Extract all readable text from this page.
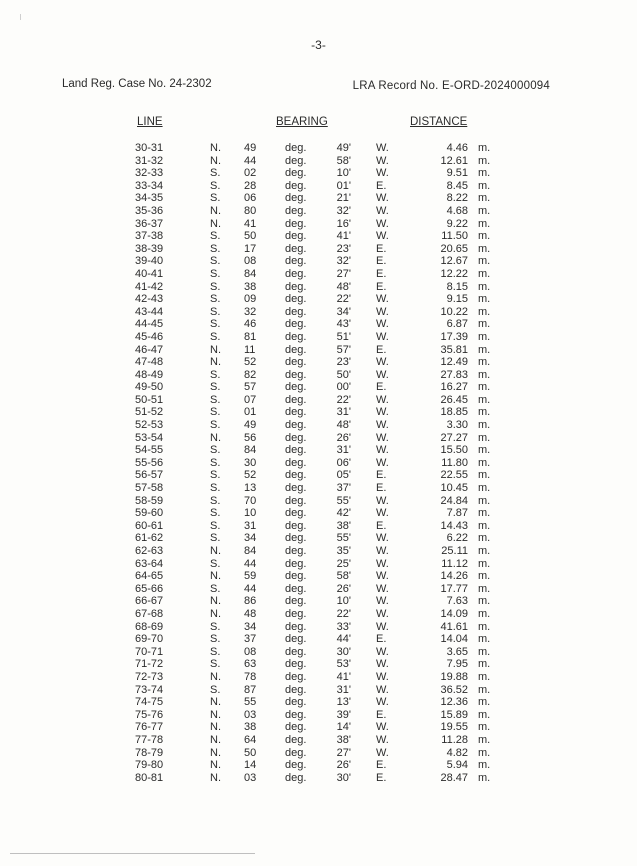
-3-
Land Reg. Case No. 24-2302	LRA Record No. E-ORD-2024000094
LINE	BEARING	DISTANCE
30-31	N. 49	deg.	49' W.	4.46 m.
31-32	N. 44	deg.	58' W.	12.61 m.
32-33	S. 02	deg.	10' W.	9.51 m.
33-34	S. 28	deg.	01' E.	8.45 m.
34-35	S. 06	deg.	21' W.	8.22 m.
35-36	N. 80	deg.	32' W.	4.68 m.
36-37	N. 41	deg.	16' W.	9.22 m.
37-38	S. 50	deg.	41' W.	11.50 m.
38-39	S. 17	deg.	23' E.	20.65 m.
39-40	S. 08	deg.	32' E.	12.67 m.
40-41	S. 84	deg.	27' E.	12.22 m.
41-42	S. 38	deg.	48' E.	8.15 m.
42-43	S. 09	deg.	22' W.	9.15 m.
43-44	S. 32	deg.	34' W.	10.22 m.
44-45	S. 46	deg.	43' W.	6.87 m.
45-46	S. 81	deg.	51' W.	17.39 m.
46-47	N. 11	deg.	57' E.	35.81 m.
47-48	N. 52	deg.	23' W.	12.49 m.
48-49	S. 82	deg.	50' W.	27.83 m.
49-50	S. 57	deg.	00' E.	16.27 m.
50-51	S. 07	deg.	22' W.	26.45 m.
51-52	S. 01	deg.	31' W.	18.85 m.
52-53	S. 49	deg.	48' W.	3.30 m.
53-54	N. 56	deg.	26' W.	27.27 m.
54-55	S. 84	deg.	31' W.	15.50 m.
55-56	S. 30	deg.	06' W.	11.80 m.
56-57	S. 52	deg.	05' E.	22.55 m.
57-58	S. 13	deg.	37' E.	10.45 m.
58-59	S. 70	deg.	55' W.	24.84 m.
59-60	S. 10	deg.	42' W.	7.87 m.
60-61	S. 31	deg.	38' E.	14.43 m.
61-62	S. 34	deg.	55' W.	6.22 m.
62-63	N. 84	deg.	35' W.	25.11 m.
63-64	S. 44	deg.	25' W.	11.12 m.
64-65	N. 59	deg.	58' W.	14.26 m.
65-66	S. 44	deg.	26' W.	17.77 m.
66-67	N. 86	deg.	10' W.	7.63 m.
67-68	N. 48	deg.	22' W.	14.09 m.
68-69	S. 34	deg.	33' W.	41.61 m.
69-70	S. 37	deg.	44' E.	14.04 m.
70-71	S. 08	deg.	30' W.	3.65 m.
71-72	S. 63	deg.	53' W.	7.95 m.
72-73	N. 78	deg.	41' W.	19.88 m.
73-74	S. 87	deg.	31' W.	36.52 m.
74-75	N. 55	deg.	13' W.	12.36 m.
75-76	N. 03	deg.	39' E.	15.89 m.
76-77	N. 38	deg.	14' W.	19.55 m.
77-78	N. 64	deg.	38' W.	11.28 m.
78-79	N. 50	deg.	27' W.	4.82 m.
79-80	N. 14	deg.	26' E.	5.94 m.
80-81	N. 03	deg.	30' E.	28.47 m.
